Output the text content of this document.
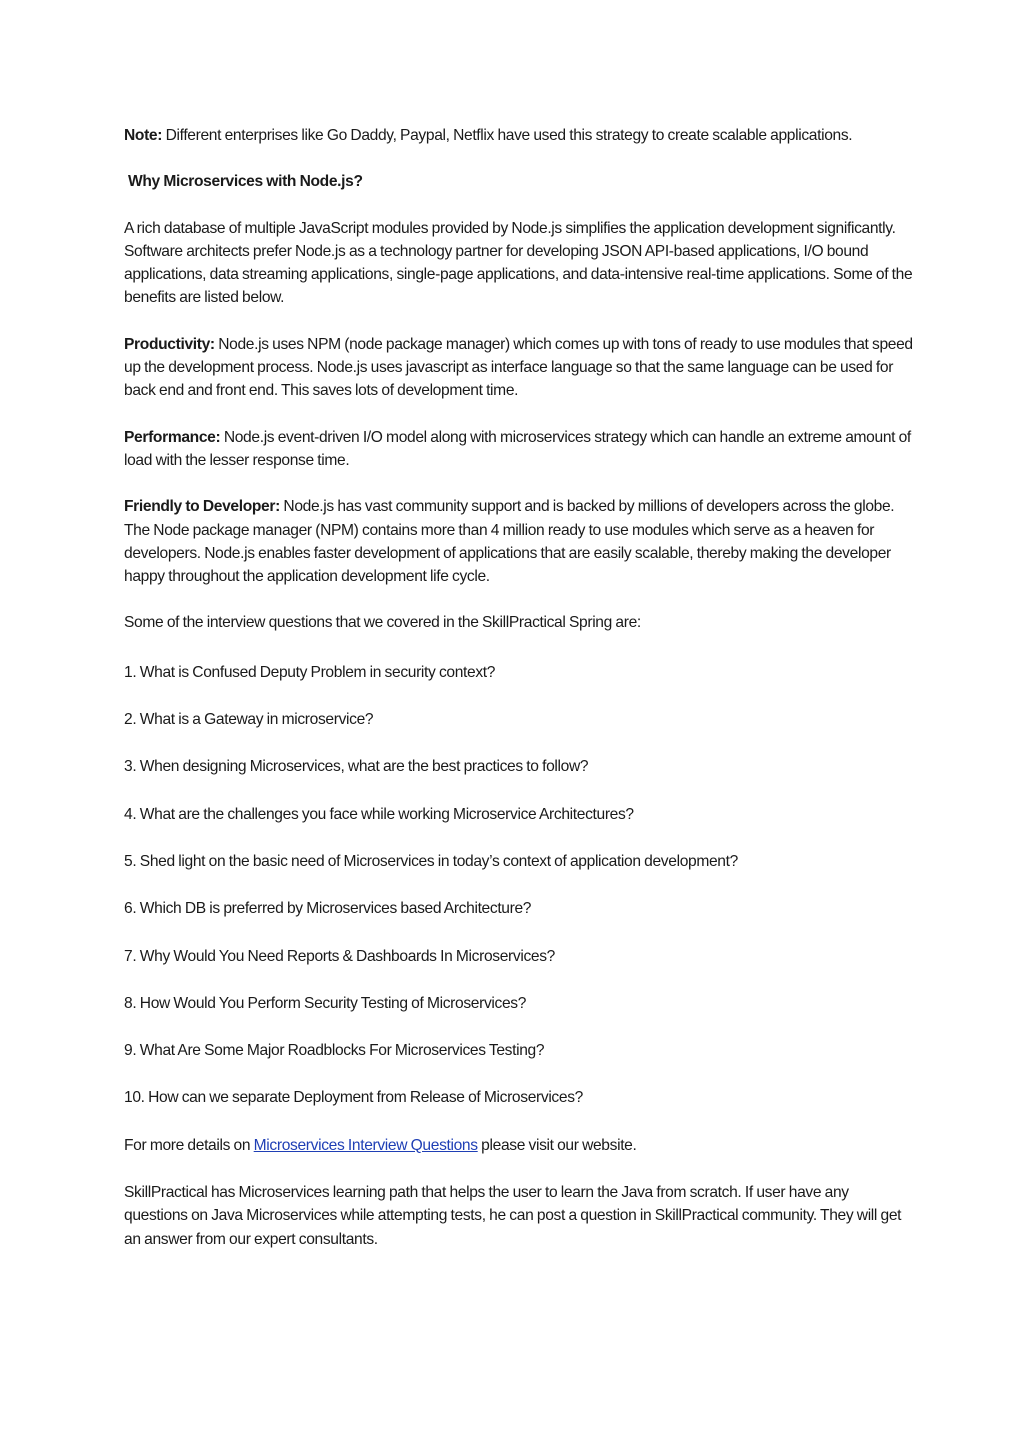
Note: Different enterprises like Go Daddy, Paypal, Netflix have used this strategy to create scalable applications.

Why Microservices with Node.js?

A rich database of multiple JavaScript modules provided by Node.js simplifies the application development significantly. Software architects prefer Node.js as a technology partner for developing JSON API-based applications, I/O bound applications, data streaming applications, single-page applications, and data-intensive real-time applications. Some of the benefits are listed below.

Productivity: Node.js uses NPM (node package manager) which comes up with tons of ready to use modules that speed up the development process. Node.js uses javascript as interface language so that the same language can be used for back end and front end. This saves lots of development time.

Performance: Node.js event-driven I/O model along with microservices strategy which can handle an extreme amount of load with the lesser response time.

Friendly to Developer: Node.js has vast community support and is backed by millions of developers across the globe. The Node package manager (NPM) contains more than 4 million ready to use modules which serve as a heaven for developers. Node.js enables faster development of applications that are easily scalable, thereby making the developer happy throughout the application development life cycle.

Some of the interview questions that we covered in the SkillPractical Spring are:

1. What is Confused Deputy Problem in security context?

2. What is a Gateway in microservice?

3. When designing Microservices, what are the best practices to follow?

4. What are the challenges you face while working Microservice Architectures?

5. Shed light on the basic need of Microservices in today’s context of application development?

6. Which DB is preferred by Microservices based Architecture?

7. Why Would You Need Reports & Dashboards In Microservices?

8. How Would You Perform Security Testing of Microservices?

9. What Are Some Major Roadblocks For Microservices Testing?

10. How can we separate Deployment from Release of Microservices?

For more details on Microservices Interview Questions please visit our website.

SkillPractical has Microservices learning path that helps the user to learn the Java from scratch. If user have any questions on Java Microservices while attempting tests, he can post a question in SkillPractical community. They will get an answer from our expert consultants.
